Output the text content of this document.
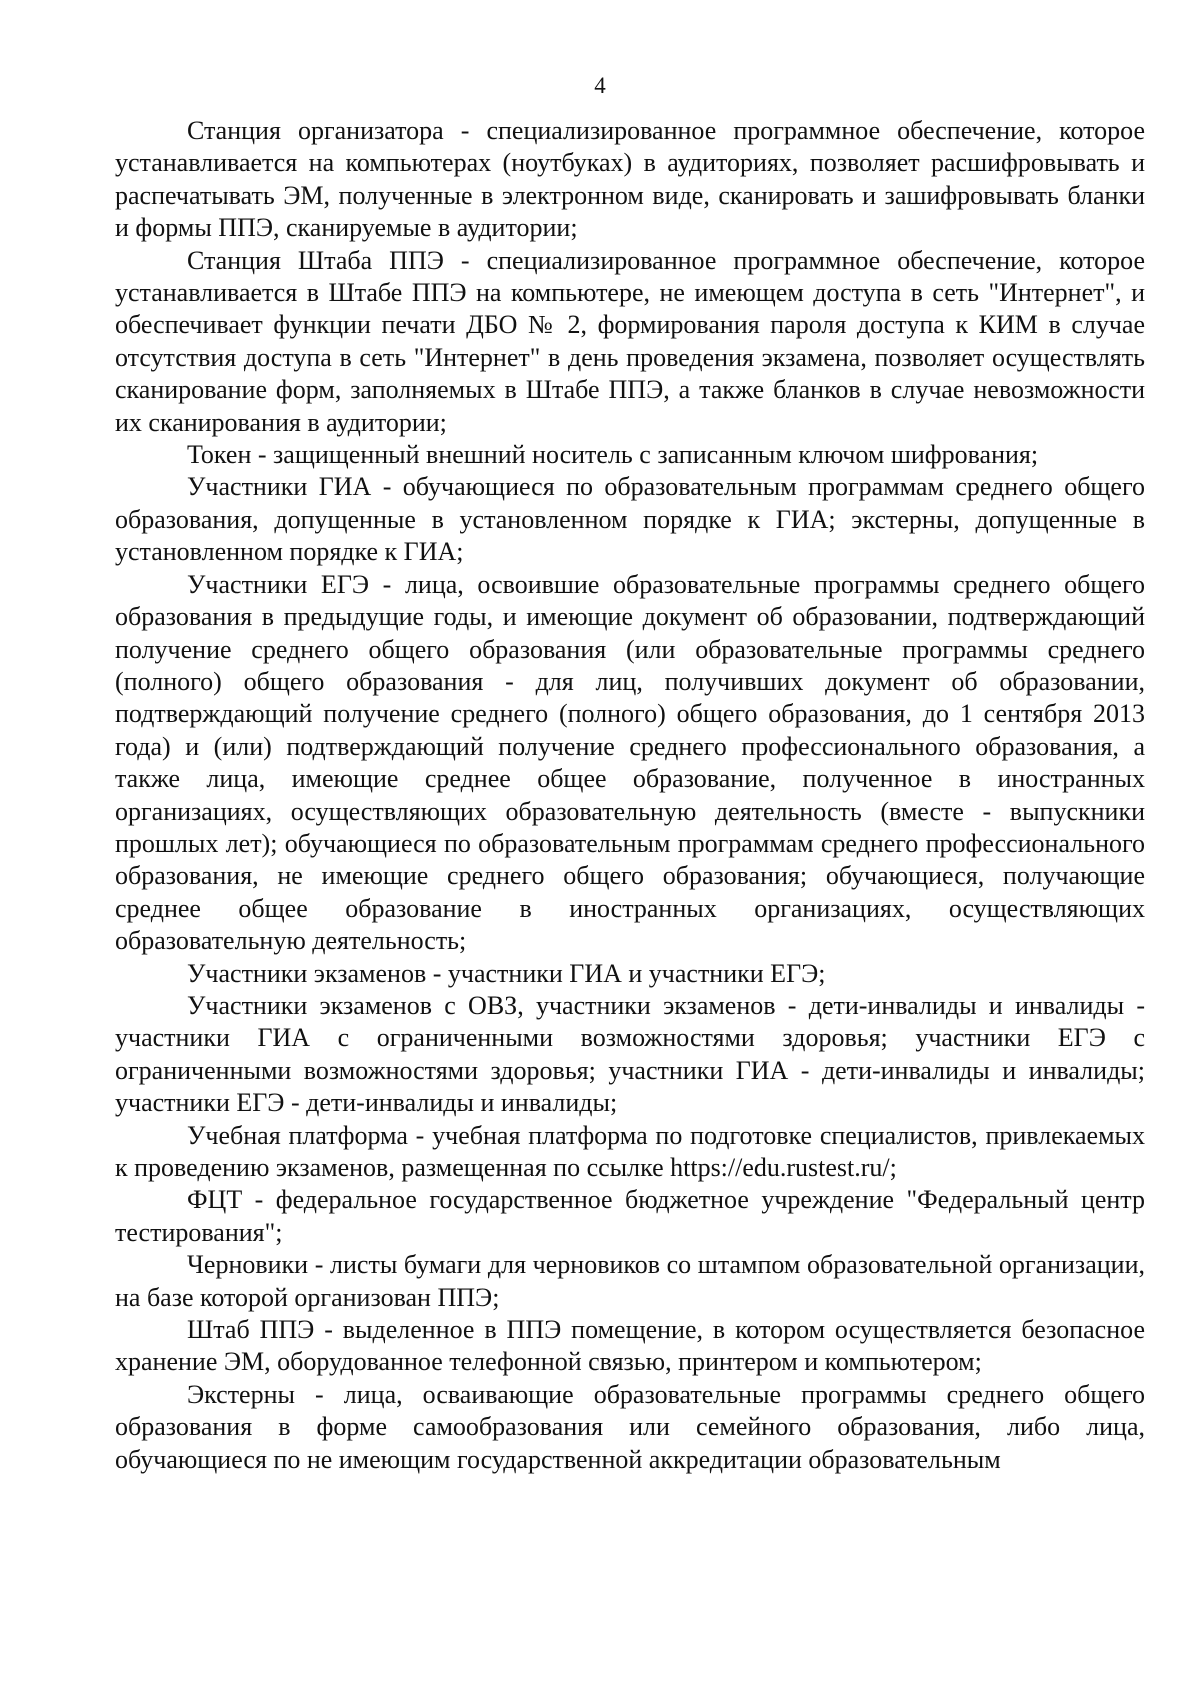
4

Станция организатора - специализированное программное обеспечение, которое устанавливается на компьютерах (ноутбуках) в аудиториях, позволяет расшифровывать и распечатывать ЭМ, полученные в электронном виде, сканировать и зашифровывать бланки и формы ППЭ, сканируемые в аудитории;

Станция Штаба ППЭ - специализированное программное обеспечение, которое устанавливается в Штабе ППЭ на компьютере, не имеющем доступа в сеть "Интернет", и обеспечивает функции печати ДБО № 2, формирования пароля доступа к КИМ в случае отсутствия доступа в сеть "Интернет" в день проведения экзамена, позволяет осуществлять сканирование форм, заполняемых в Штабе ППЭ, а также бланков в случае невозможности их сканирования в аудитории;

Токен - защищенный внешний носитель с записанным ключом шифрования;

Участники ГИА - обучающиеся по образовательным программам среднего общего образования, допущенные в установленном порядке к ГИА; экстерны, допущенные в установленном порядке к ГИА;

Участники ЕГЭ - лица, освоившие образовательные программы среднего общего образования в предыдущие годы, и имеющие документ об образовании, подтверждающий получение среднего общего образования (или образовательные программы среднего (полного) общего образования - для лиц, получивших документ об образовании, подтверждающий получение среднего (полного) общего образования, до 1 сентября 2013 года) и (или) подтверждающий получение среднего профессионального образования, а также лица, имеющие среднее общее образование, полученное в иностранных организациях, осуществляющих образовательную деятельность (вместе - выпускники прошлых лет); обучающиеся по образовательным программам среднего профессионального образования, не имеющие среднего общего образования; обучающиеся, получающие среднее общее образование в иностранных организациях, осуществляющих образовательную деятельность;

Участники экзаменов - участники ГИА и участники ЕГЭ;

Участники экзаменов с ОВЗ, участники экзаменов - дети-инвалиды и инвалиды - участники ГИА с ограниченными возможностями здоровья; участники ЕГЭ с ограниченными возможностями здоровья; участники ГИА - дети-инвалиды и инвалиды; участники ЕГЭ - дети-инвалиды и инвалиды;

Учебная платформа - учебная платформа по подготовке специалистов, привлекаемых к проведению экзаменов, размещенная по ссылке https://edu.rustest.ru/;

ФЦТ - федеральное государственное бюджетное учреждение "Федеральный центр тестирования";

Черновики - листы бумаги для черновиков со штампом образовательной организации, на базе которой организован ППЭ;

Штаб ППЭ - выделенное в ППЭ помещение, в котором осуществляется безопасное хранение ЭМ, оборудованное телефонной связью, принтером и компьютером;

Экстерны - лица, осваивающие образовательные программы среднего общего образования в форме самообразования или семейного образования, либо лица, обучающиеся по не имеющим государственной аккредитации образовательным
